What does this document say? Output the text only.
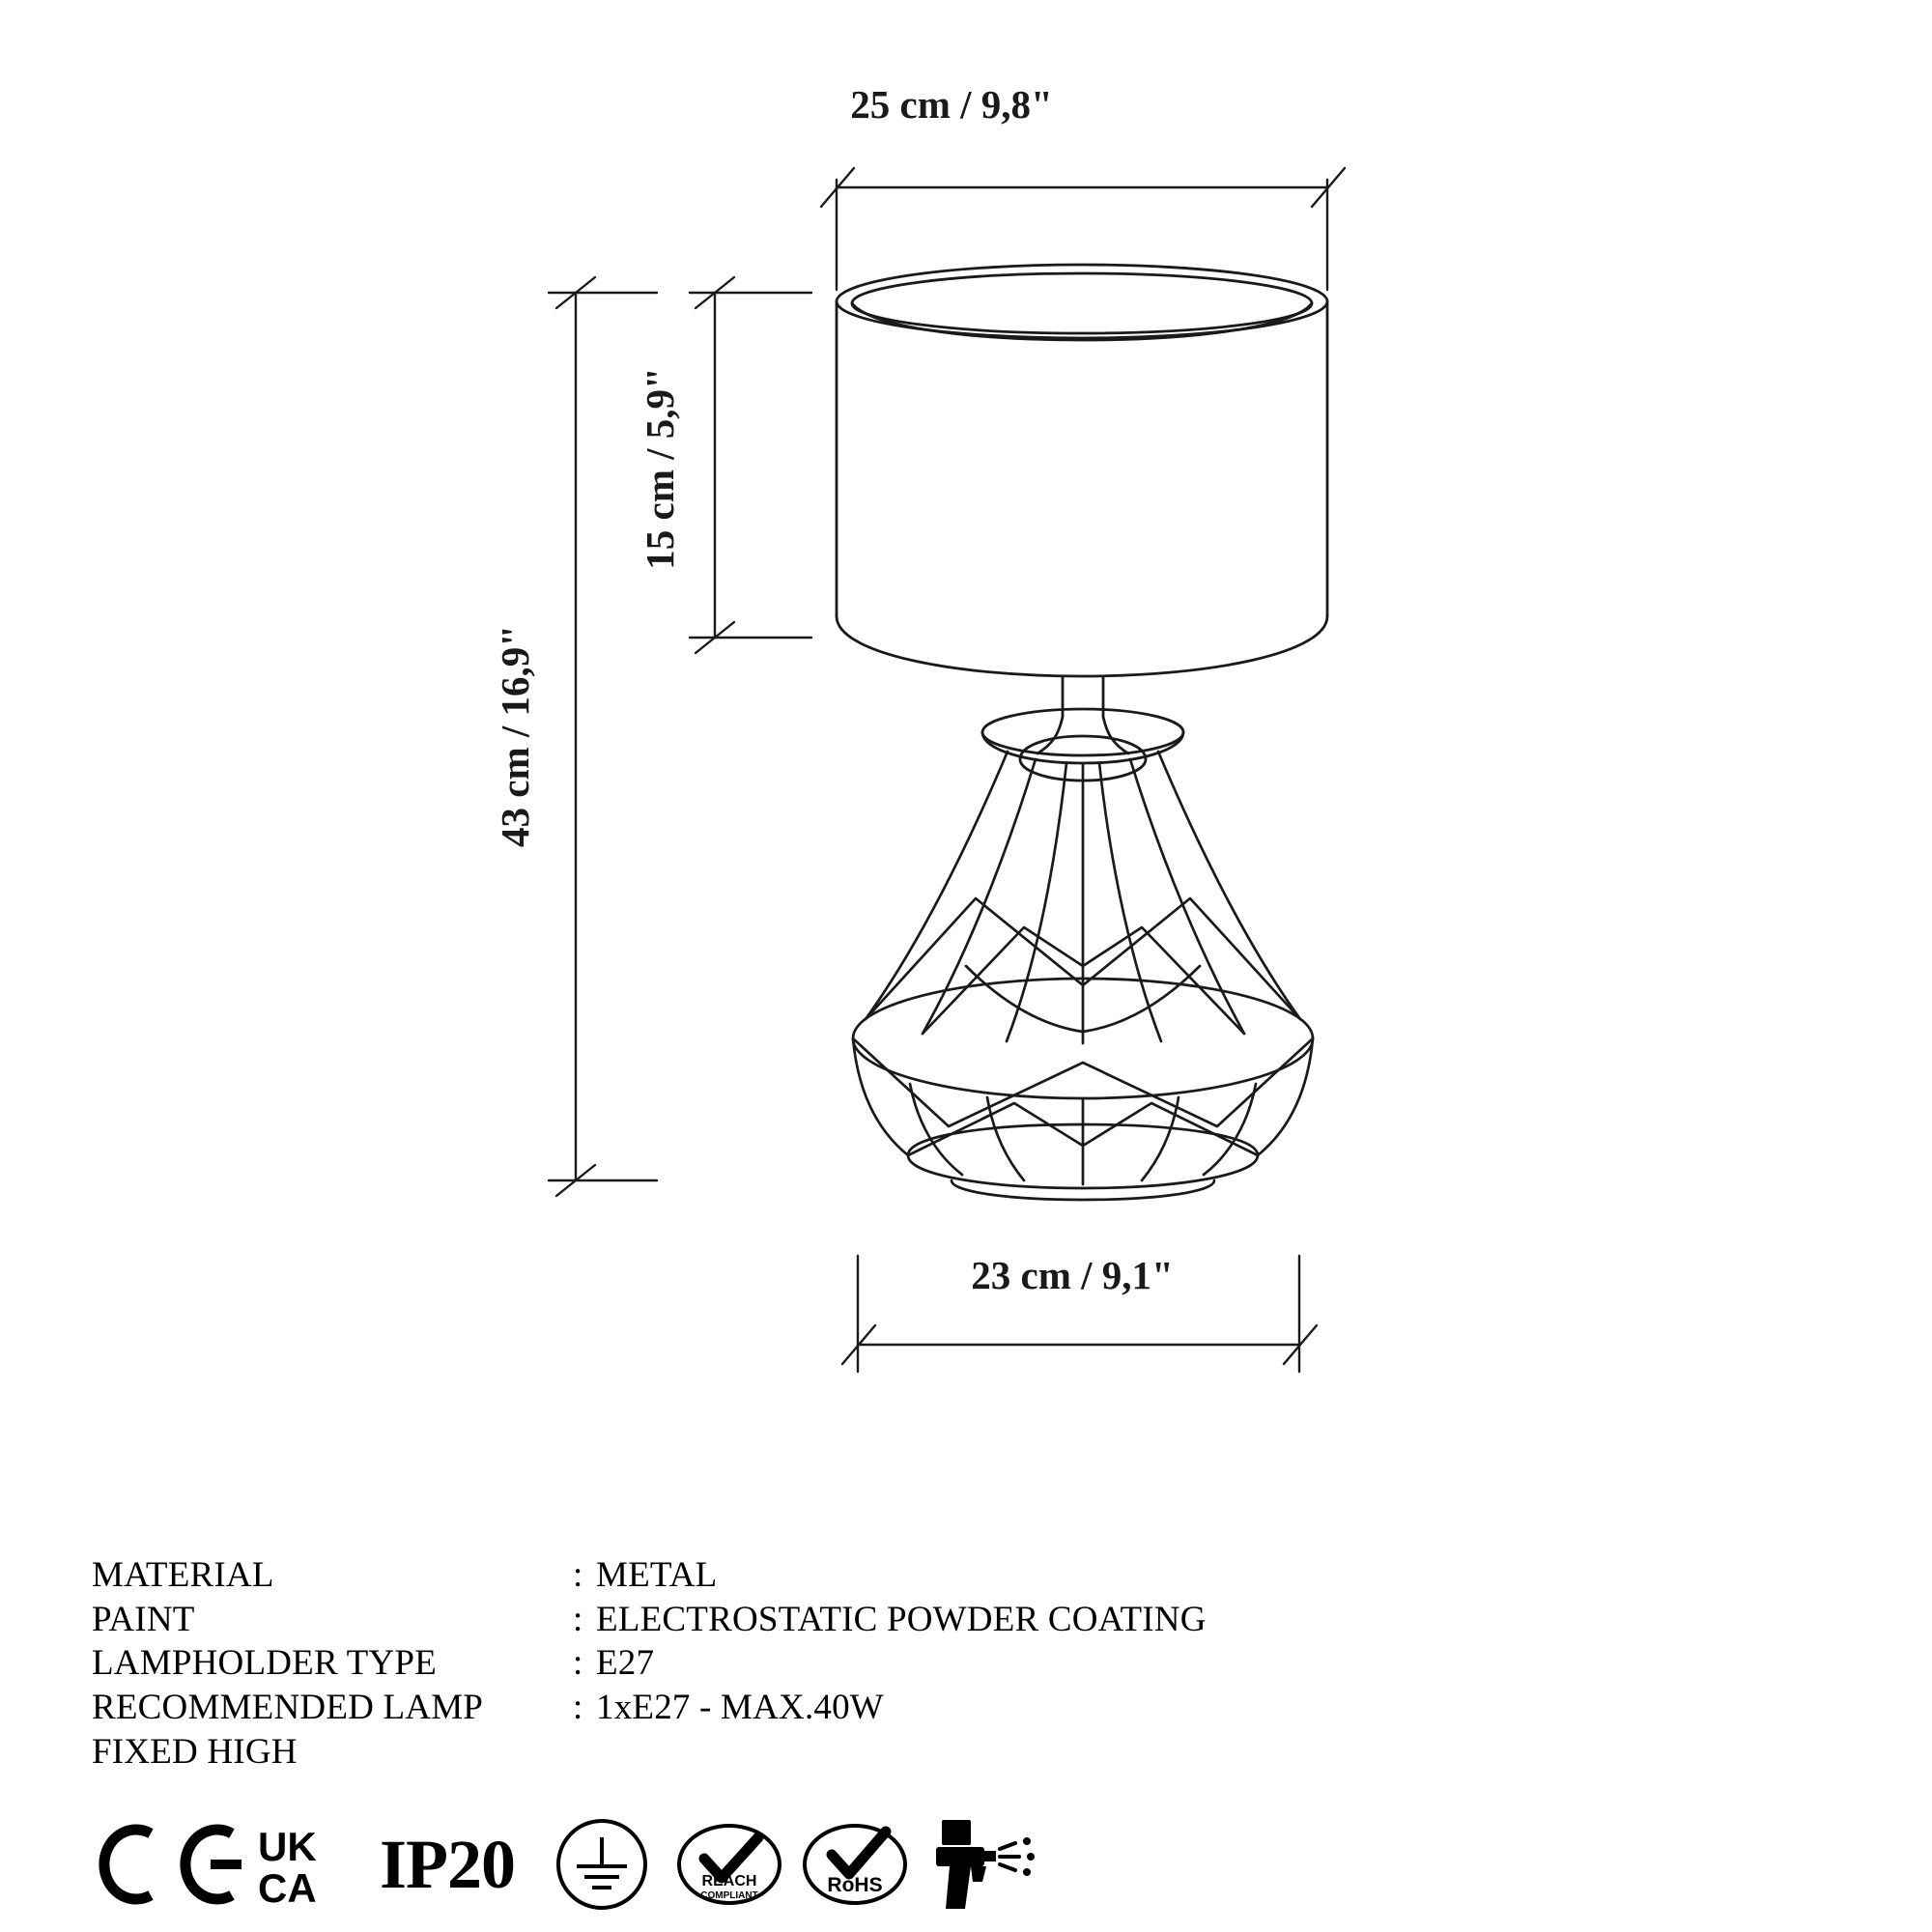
25 cm / 9,8"
15 cm / 5,9"
43 cm / 16,9"
23 cm / 9,1"
MATERIAL	: METAL
PAINT	: ELECTROSTATIC POWDER COATING
LAMPHOLDER TYPE	: E27
RECOMMENDED LAMP	: 1xE27 - MAX.40W
FIXED HIGH
UK
CA IP20	REACH
COMPLIANT	RoHS
